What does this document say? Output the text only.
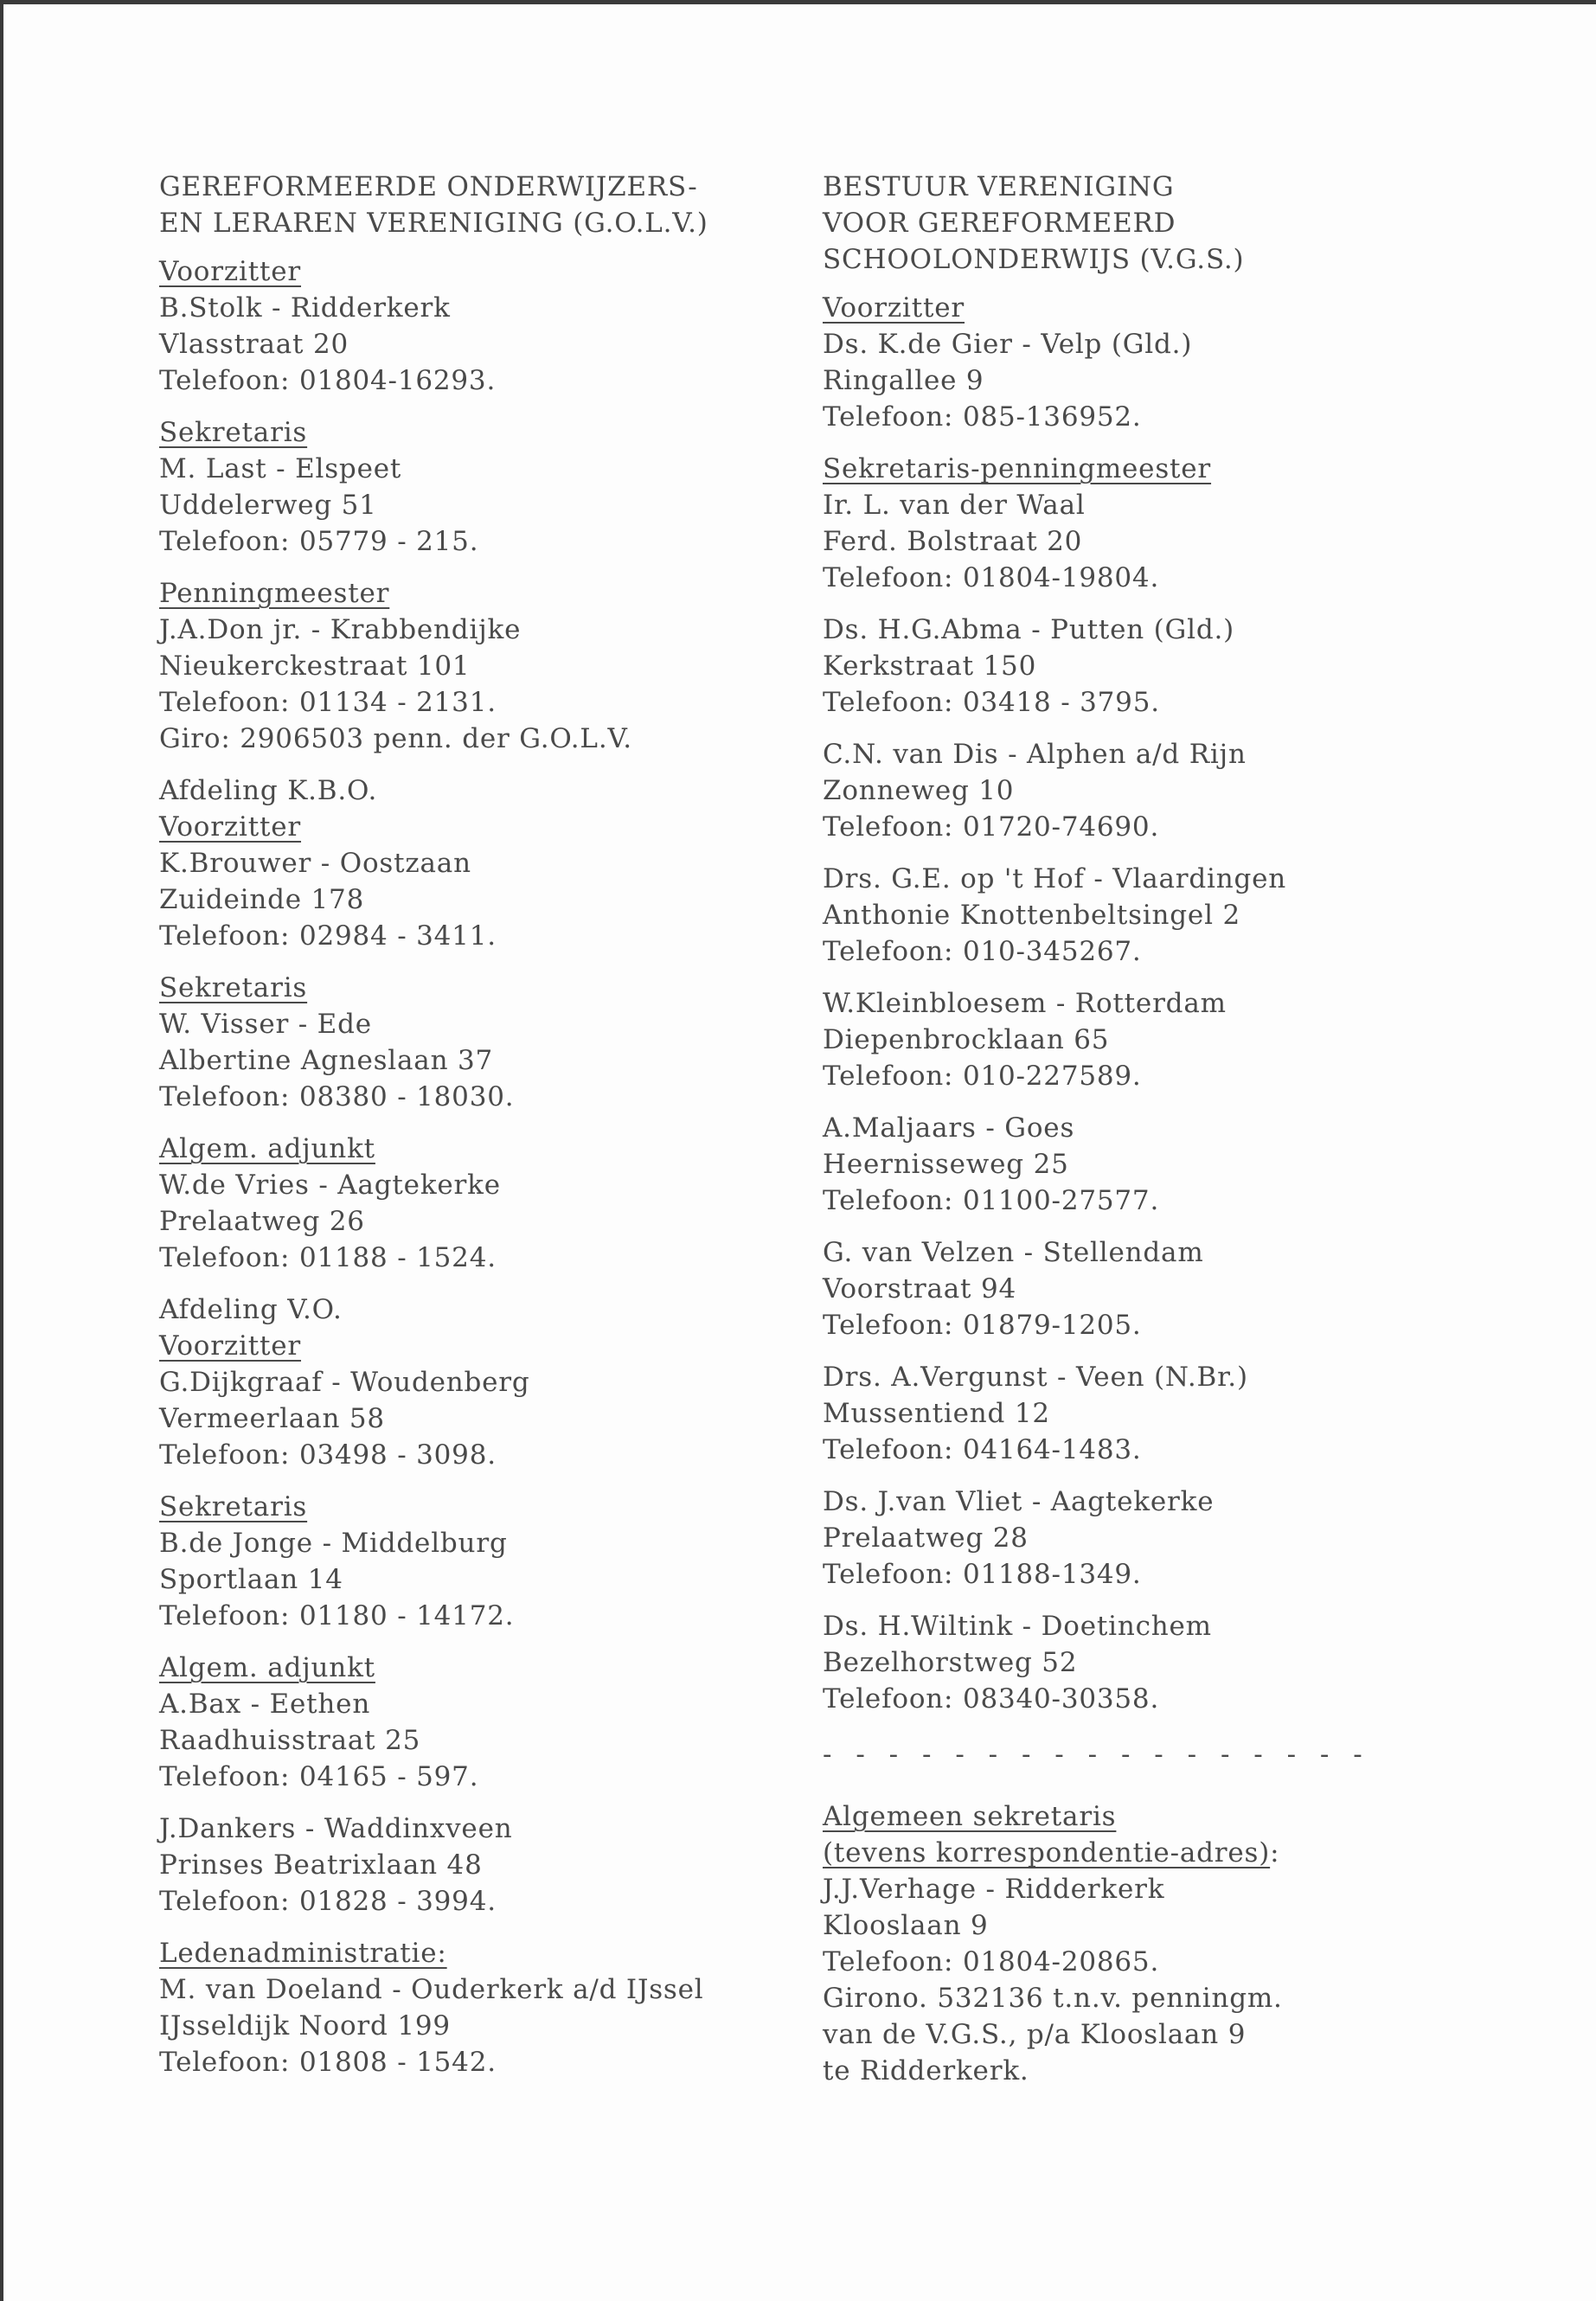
GEREFORMEERDE ONDERWIJZERS-
EN LERAREN VERENIGING (G.O.L.V.)
Voorzitter
B.Stolk - Ridderkerk
Vlasstraat 20
Telefoon: 01804-16293.
Sekretaris
M. Last - Elspeet
Uddelerweg 51
Telefoon: 05779 - 215.
Penningmeester
J.A.Don jr. - Krabbendijke
Nieukerckestraat 101
Telefoon: 01134 - 2131.
Giro: 2906503 penn. der G.O.L.V.
Afdeling K.B.O.
Voorzitter
K.Brouwer - Oostzaan
Zuideinde 178
Telefoon: 02984 - 3411.
Sekretaris
W. Visser - Ede
Albertine Agneslaan 37
Telefoon: 08380 - 18030.
Algem. adjunkt
W.de Vries - Aagtekerke
Prelaatweg 26
Telefoon: 01188 - 1524.
Afdeling V.O.
Voorzitter
G.Dijkgraaf - Woudenberg
Vermeerlaan 58
Telefoon: 03498 - 3098.
Sekretaris
B.de Jonge - Middelburg
Sportlaan 14
Telefoon: 01180 - 14172.
Algem. adjunkt
A.Bax - Eethen
Raadhuisstraat 25
Telefoon: 04165 - 597.
J.Dankers - Waddinxveen
Prinses Beatrixlaan 48
Telefoon: 01828 - 3994.
Ledenadministratie:
M. van Doeland - Ouderkerk a/d IJssel
IJsseldijk Noord 199
Telefoon: 01808 - 1542.
BESTUUR VERENIGING
VOOR GEREFORMEERD
SCHOOLONDERWIJS (V.G.S.)
Voorzitter
Ds. K.de Gier - Velp (Gld.)
Ringallee 9
Telefoon: 085-136952.
Sekretaris-penningmeester
Ir. L. van der Waal
Ferd. Bolstraat 20
Telefoon: 01804-19804.
Ds. H.G.Abma - Putten (Gld.)
Kerkstraat 150
Telefoon: 03418 - 3795.
C.N. van Dis - Alphen a/d Rijn
Zonneweg 10
Telefoon: 01720-74690.
Drs. G.E. op 't Hof - Vlaardingen
Anthonie Knottenbeltsingel 2
Telefoon: 010-345267.
W.Kleinbloesem - Rotterdam
Diepenbrocklaan 65
Telefoon: 010-227589.
A.Maljaars - Goes
Heernisseweg 25
Telefoon: 01100-27577.
G. van Velzen - Stellendam
Voorstraat 94
Telefoon: 01879-1205.
Drs. A.Vergunst - Veen (N.Br.)
Mussentiend 12
Telefoon: 04164-1483.
Ds. J.van Vliet - Aagtekerke
Prelaatweg 28
Telefoon: 01188-1349.
Ds. H.Wiltink - Doetinchem
Bezelhorstweg 52
Telefoon: 08340-30358.
- - - - - - - - - - - - - - - - -
Algemeen sekretaris
(tevens korrespondentie-adres):
J.J.Verhage - Ridderkerk
Klooslaan 9
Telefoon: 01804-20865.
Girono. 532136 t.n.v. penningm.
van de V.G.S., p/a Klooslaan 9
te Ridderkerk.
